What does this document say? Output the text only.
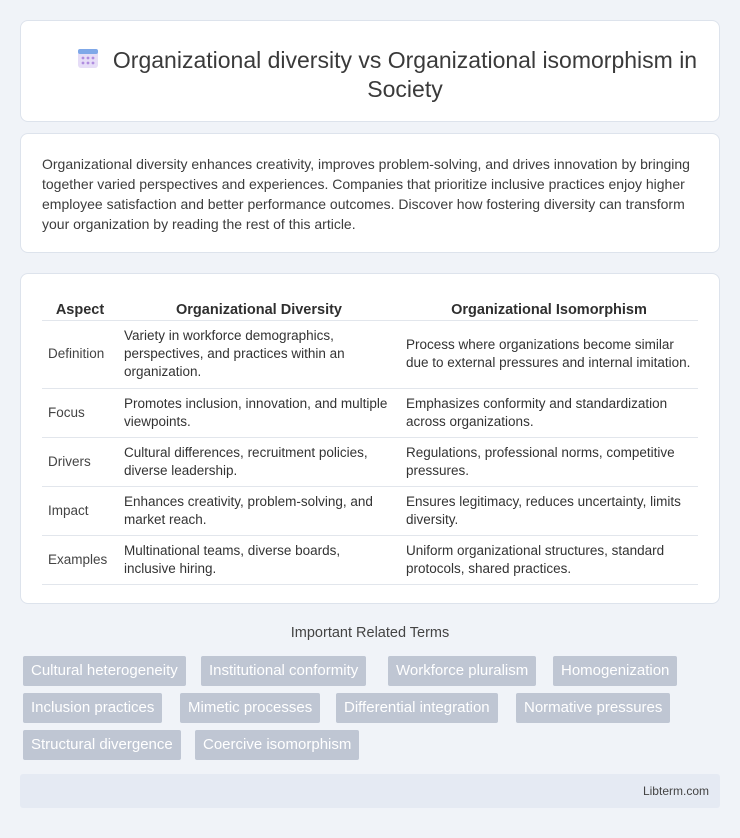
Organizational diversity vs Organizational isomorphism in Society

Organizational diversity enhances creativity, improves problem-solving, and drives innovation by bringing together varied perspectives and experiences. Companies that prioritize inclusive practices enjoy higher employee satisfaction and better performance outcomes. Discover how fostering diversity can transform your organization by reading the rest of this article.

Aspect	Organizational Diversity	Organizational Isomorphism
Definition	Variety in workforce demographics, perspectives, and practices within an organization.	Process where organizations become similar due to external pressures and internal imitation.
Focus	Promotes inclusion, innovation, and multiple viewpoints.	Emphasizes conformity and standardization across organizations.
Drivers	Cultural differences, recruitment policies, diverse leadership.	Regulations, professional norms, competitive pressures.
Impact	Enhances creativity, problem-solving, and market reach.	Ensures legitimacy, reduces uncertainty, limits diversity.
Examples	Multinational teams, diverse boards, inclusive hiring.	Uniform organizational structures, standard protocols, shared practices.
Important Related Terms
Cultural heterogeneity	Institutional conformity	Workforce pluralism	Homogenization
Inclusion practices	Mimetic processes	Differential integration	Normative pressures
Structural divergence	Coercive isomorphism
Libterm.com
